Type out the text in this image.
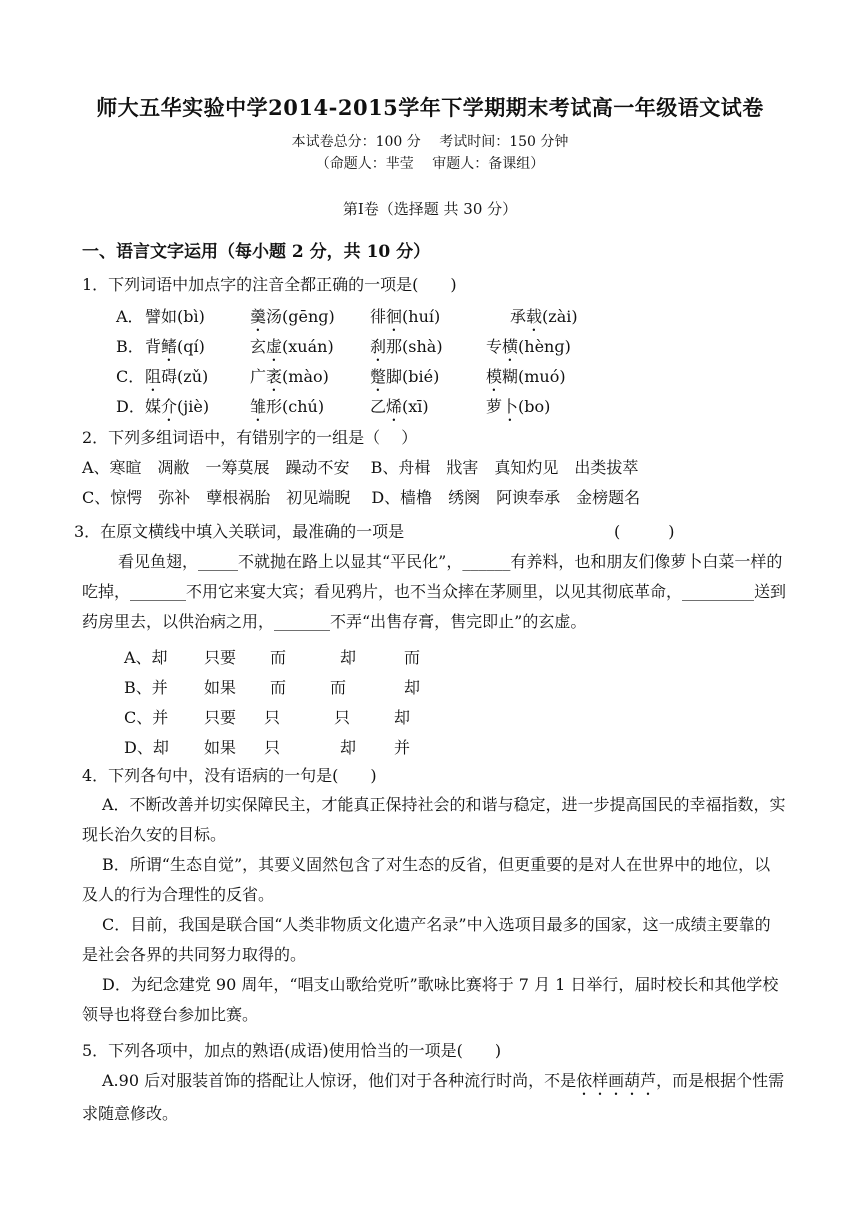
师大五华实验中学2014-2015学年下学期期末考试高一年级语文试卷
本试卷总分：100 分　 考试时间：150 分钟
（命题人：芈莹　 审题人：备课组）
第Ⅰ卷（选择题 共 30 分）
一、语言文字运用（每小题 2 分，共 10 分）
1．下列词语中加点字的注音全都正确的一项是(　　)
A． 譬如(bì)	羹汤(gēnɡ) 徘徊(huí)	承载(zài)
B． 背鳍(qí)	玄虚(xuán) 刹那(shà)	专横(hènɡ)
C． 阻碍(zǔ)	广袤(mào)	蹩脚(bié)	模糊(muó)
D． 媒介(jiè)	雏形(chú)	乙烯(xī)	萝卜(bo)
2．下列多组词语中，有错别字的一组是（　 ）
A、寒暄　凋敝　一筹莫展　躁动不安　 B、舟楫　戕害　真知灼见　出类拔萃
C、惊愕　弥补　孽根祸胎　初见端睨　 D、樯橹　绣阕　阿谀奉承　金榜题名
3．在原文横线中填入关联词，最准确的一项是	(　　　)
看见鱼翅，_____不就抛在路上以显其“平民化”，______有养料，也和朋友们像萝卜白菜一样的吃掉，_______不用它来宴大宾；看见鸦片，也不当众摔在茅厕里，以见其彻底革命，_________送到药房里去，以供治病之用，_______不弄“出售存膏，售完即止”的玄虚。
A、却 只要 而	却	而
B、并 如果 而	而	却
C、并 只要 只	只	却
D、却 如果 只	却 并
4．下列各句中，没有语病的一句是(　　)
A．不断改善并切实保障民主，才能真正保持社会的和谐与稳定，进一步提高国民的幸福指数，实现长治久安的目标。
B．所谓“生态自觉”，其要义固然包含了对生态的反省，但更重要的是对人在世界中的地位，以及人的行为合理性的反省。
C．目前，我国是联合国“人类非物质文化遗产名录”中入选项目最多的国家，这一成绩主要靠的是社会各界的共同努力取得的。
D．为纪念建党 90 周年，“唱支山歌给党听”歌咏比赛将于 7 月 1 日举行，届时校长和其他学校领导也将登台参加比赛。
5．下列各项中，加点的熟语(成语)使用恰当的一项是(　　)
A.90 后对服装首饰的搭配让人惊讶，他们对于各种流行时尚，不是依样画葫芦，而是根据个性需求随意修改。
